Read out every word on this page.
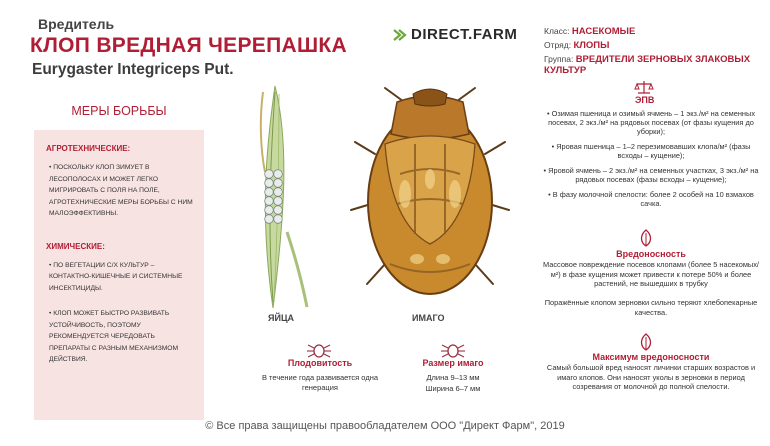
Вредитель
КЛОП ВРЕДНАЯ ЧЕРЕПАШКА
Eurygaster Integriceps Put.
DIRECT.FARM	Класс: НАСЕКОМЫЕ
Отряд: КЛОПЫ
Группа: ВРЕДИТЕЛИ ЗЕРНОВЫХ ЗЛАКОВЫХ КУЛЬТУР
МЕРЫ БОРЬБЫ
АГРОТЕХНИЧЕСКИЕ:
• ПОСКОЛЬКУ КЛОП ЗИМУЕТ В ЛЕСОПОЛОСАХ И МОЖЕТ ЛЕГКО МИГРИРОВАТЬ С ПОЛЯ НА ПОЛЕ, АГРОТЕХНИЧЕСКИЕ МЕРЫ БОРЬБЫ С НИМ МАЛОЭФФЕКТИВНЫ.
ХИМИЧЕСКИЕ:
• ПО ВЕГЕТАЦИИ С/Х КУЛЬТУР – КОНТАКТНО-КИШЕЧНЫЕ И СИСТЕМНЫЕ ИНСЕКТИЦИДЫ.
• КЛОП МОЖЕТ БЫСТРО РАЗВИВАТЬ УСТОЙЧИВОСТЬ, ПОЭТОМУ РЕКОМЕНДУЕТСЯ ЧЕРЕДОВАТЬ ПРЕПАРАТЫ С РАЗНЫМ МЕХАНИЗМОМ ДЕЙСТВИЯ.
ЯЙЦА	ИМАГО
Плодовитость
В течение года развивается одна генерация
Размер имаго
Длина 9–13 мм
Ширина 6–7 мм
ЭПВ
• Озимая пшеница и озимый ячмень – 1 экз./м² на семенных посевах, 2 экз./м² на рядовых посевах (от фазы кущения до уборки);
• Яровая пшеница – 1–2 перезимовавших клопа/м² (фазы всходы – кущение);
• Яровой ячмень – 2 экз./м² на семенных участках, 3 экз./м² на рядовых посевах (фазы всходы – кущение);
• В фазу молочной спелости: более 2 особей на 10 взмахов сачка.
Вредоносность
Массовое повреждение посевов клопами (более 5 насекомых/м²) в фазе кущения может привести к потере 50% и более растений, не вышедших в трубку
Поражённые клопом зерновки сильно теряют хлебопекарные качества.
Максимум вредоносности
Самый большой вред наносят личинки старших возрастов и имаго клопов. Они наносят уколы в зерновки в период созревания от молочной до полной спелости.
© Все права защищены правообладателем ООО "Директ Фарм", 2019
